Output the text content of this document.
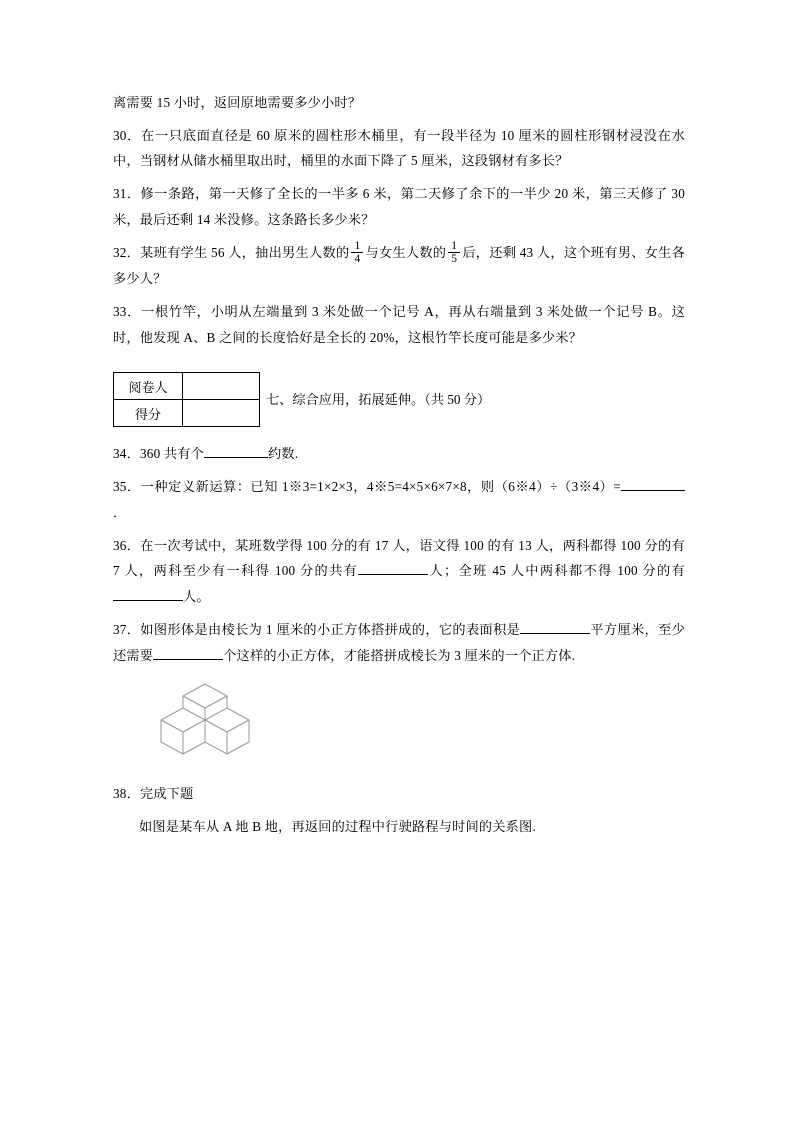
离需要 15 小时，返回原地需要多少小时？
30．在一只底面直径是 60 原米的圆柱形木桶里，有一段半径为 10 厘米的圆柱形钢材浸没在水中，当钢材从储水桶里取出时，桶里的水面下降了 5 厘米，这段钢材有多长？
31．修一条路，第一天修了全长的一半多 6 米，第二天修了余下的一半少 20 米，第三天修了 30 米，最后还剩 14 米没修。这条路长多少米？
32．某班有学生 56 人，抽出男生人数的 $\frac{1}{4}$ 与女生人数的 $\frac{1}{5}$ 后，还剩 43 人，这个班有男、女生各多少人？
33．一根竹竿，小明从左端量到 3 米处做一个记号 A，再从右端量到 3 米处做一个记号 B。这时，他发现 A、B 之间的长度恰好是全长的 20%，这根竹竿长度可能是多少米？
阅卷人	
得分	
七、综合应用，拓展延伸。（共 50 分）
34．360 共有个	约数.
35．一种定义新运算：已知 1※3=1×2×3，4※5=4×5×6×7×8，则（6※4）÷（3※4）=．
36．在一次考试中，某班数学得 100 分的有 17 人，语文得 100 的有 13 人，两科都得 100 分的有 7 人，两科至少有一科得 100 分的共有	人；全班 45 人中两科都不得 100 分的有人。
37．如图形体是由棱长为 1 厘米的小正方体搭拼成的，它的表面积是	平方厘米，至少还需要	个这样的小正方体，才能搭拼成棱长为 3 厘米的一个正方体.
38．完成下题
如图是某车从 A 地 B 地，再返回的过程中行驶路程与时间的关系图.
